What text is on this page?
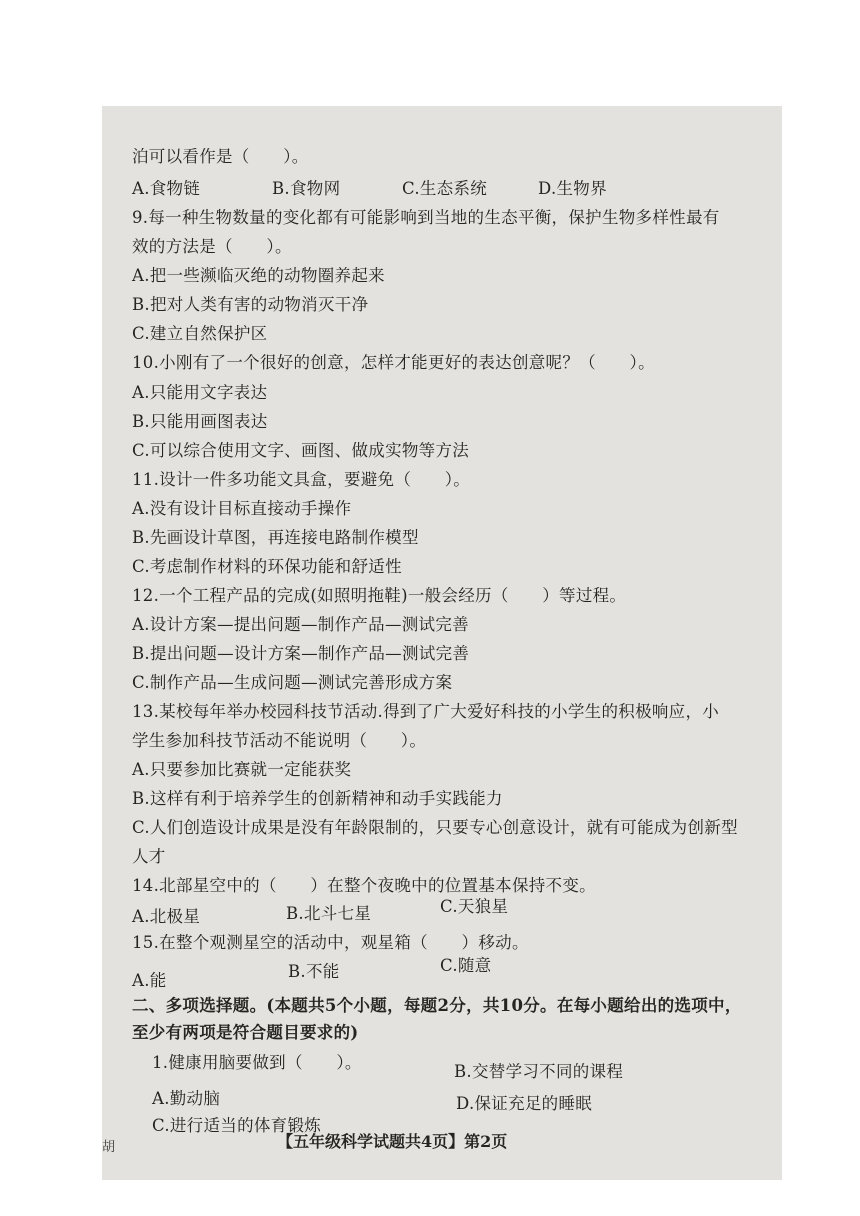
泊可以看作是（　　）。
A.食物链	B.食物网	C.生态系统	D.生物界
9.每一种生物数量的变化都有可能影响到当地的生态平衡，保护生物多样性最有
效的方法是（　　）。
A.把一些濒临灭绝的动物圈养起来
B.把对人类有害的动物消灭干净
C.建立自然保护区
10.小刚有了一个很好的创意，怎样才能更好的表达创意呢？（　　）。
A.只能用文字表达
B.只能用画图表达
C.可以综合使用文字、画图、做成实物等方法
11.设计一件多功能文具盒，要避免（　　）。
A.没有设计目标直接动手操作
B.先画设计草图，再连接电路制作模型
C.考虑制作材料的环保功能和舒适性
12.一个工程产品的完成(如照明拖鞋)一般会经历（　　）等过程。
A.设计方案—提出问题—制作产品—测试完善
B.提出问题—设计方案—制作产品—测试完善
C.制作产品—生成问题—测试完善形成方案
13.某校每年举办校园科技节活动.得到了广大爱好科技的小学生的积极响应，小
学生参加科技节活动不能说明（　　）。
A.只要参加比赛就一定能获奖
B.这样有利于培养学生的创新精神和动手实践能力
C.人们创造设计成果是没有年龄限制的，只要专心创意设计，就有可能成为创新型
人才
14.北部星空中的（　　）在整个夜晚中的位置基本保持不变。
A.北极星	B.北斗七星	C.天狼星
15.在整个观测星空的活动中，观星箱（　　）移动。
A.能	B.不能	C.随意
二、多项选择题。(本题共5个小题，每题2分，共10分。在每小题给出的选项中，
至少有两项是符合题目要求的)
1.健康用脑要做到（　　）。	B.交替学习不同的课程
A.勤动脑	D.保证充足的睡眠
C.进行适当的体育锻炼
【五年级科学试题共4页】第2页
胡
